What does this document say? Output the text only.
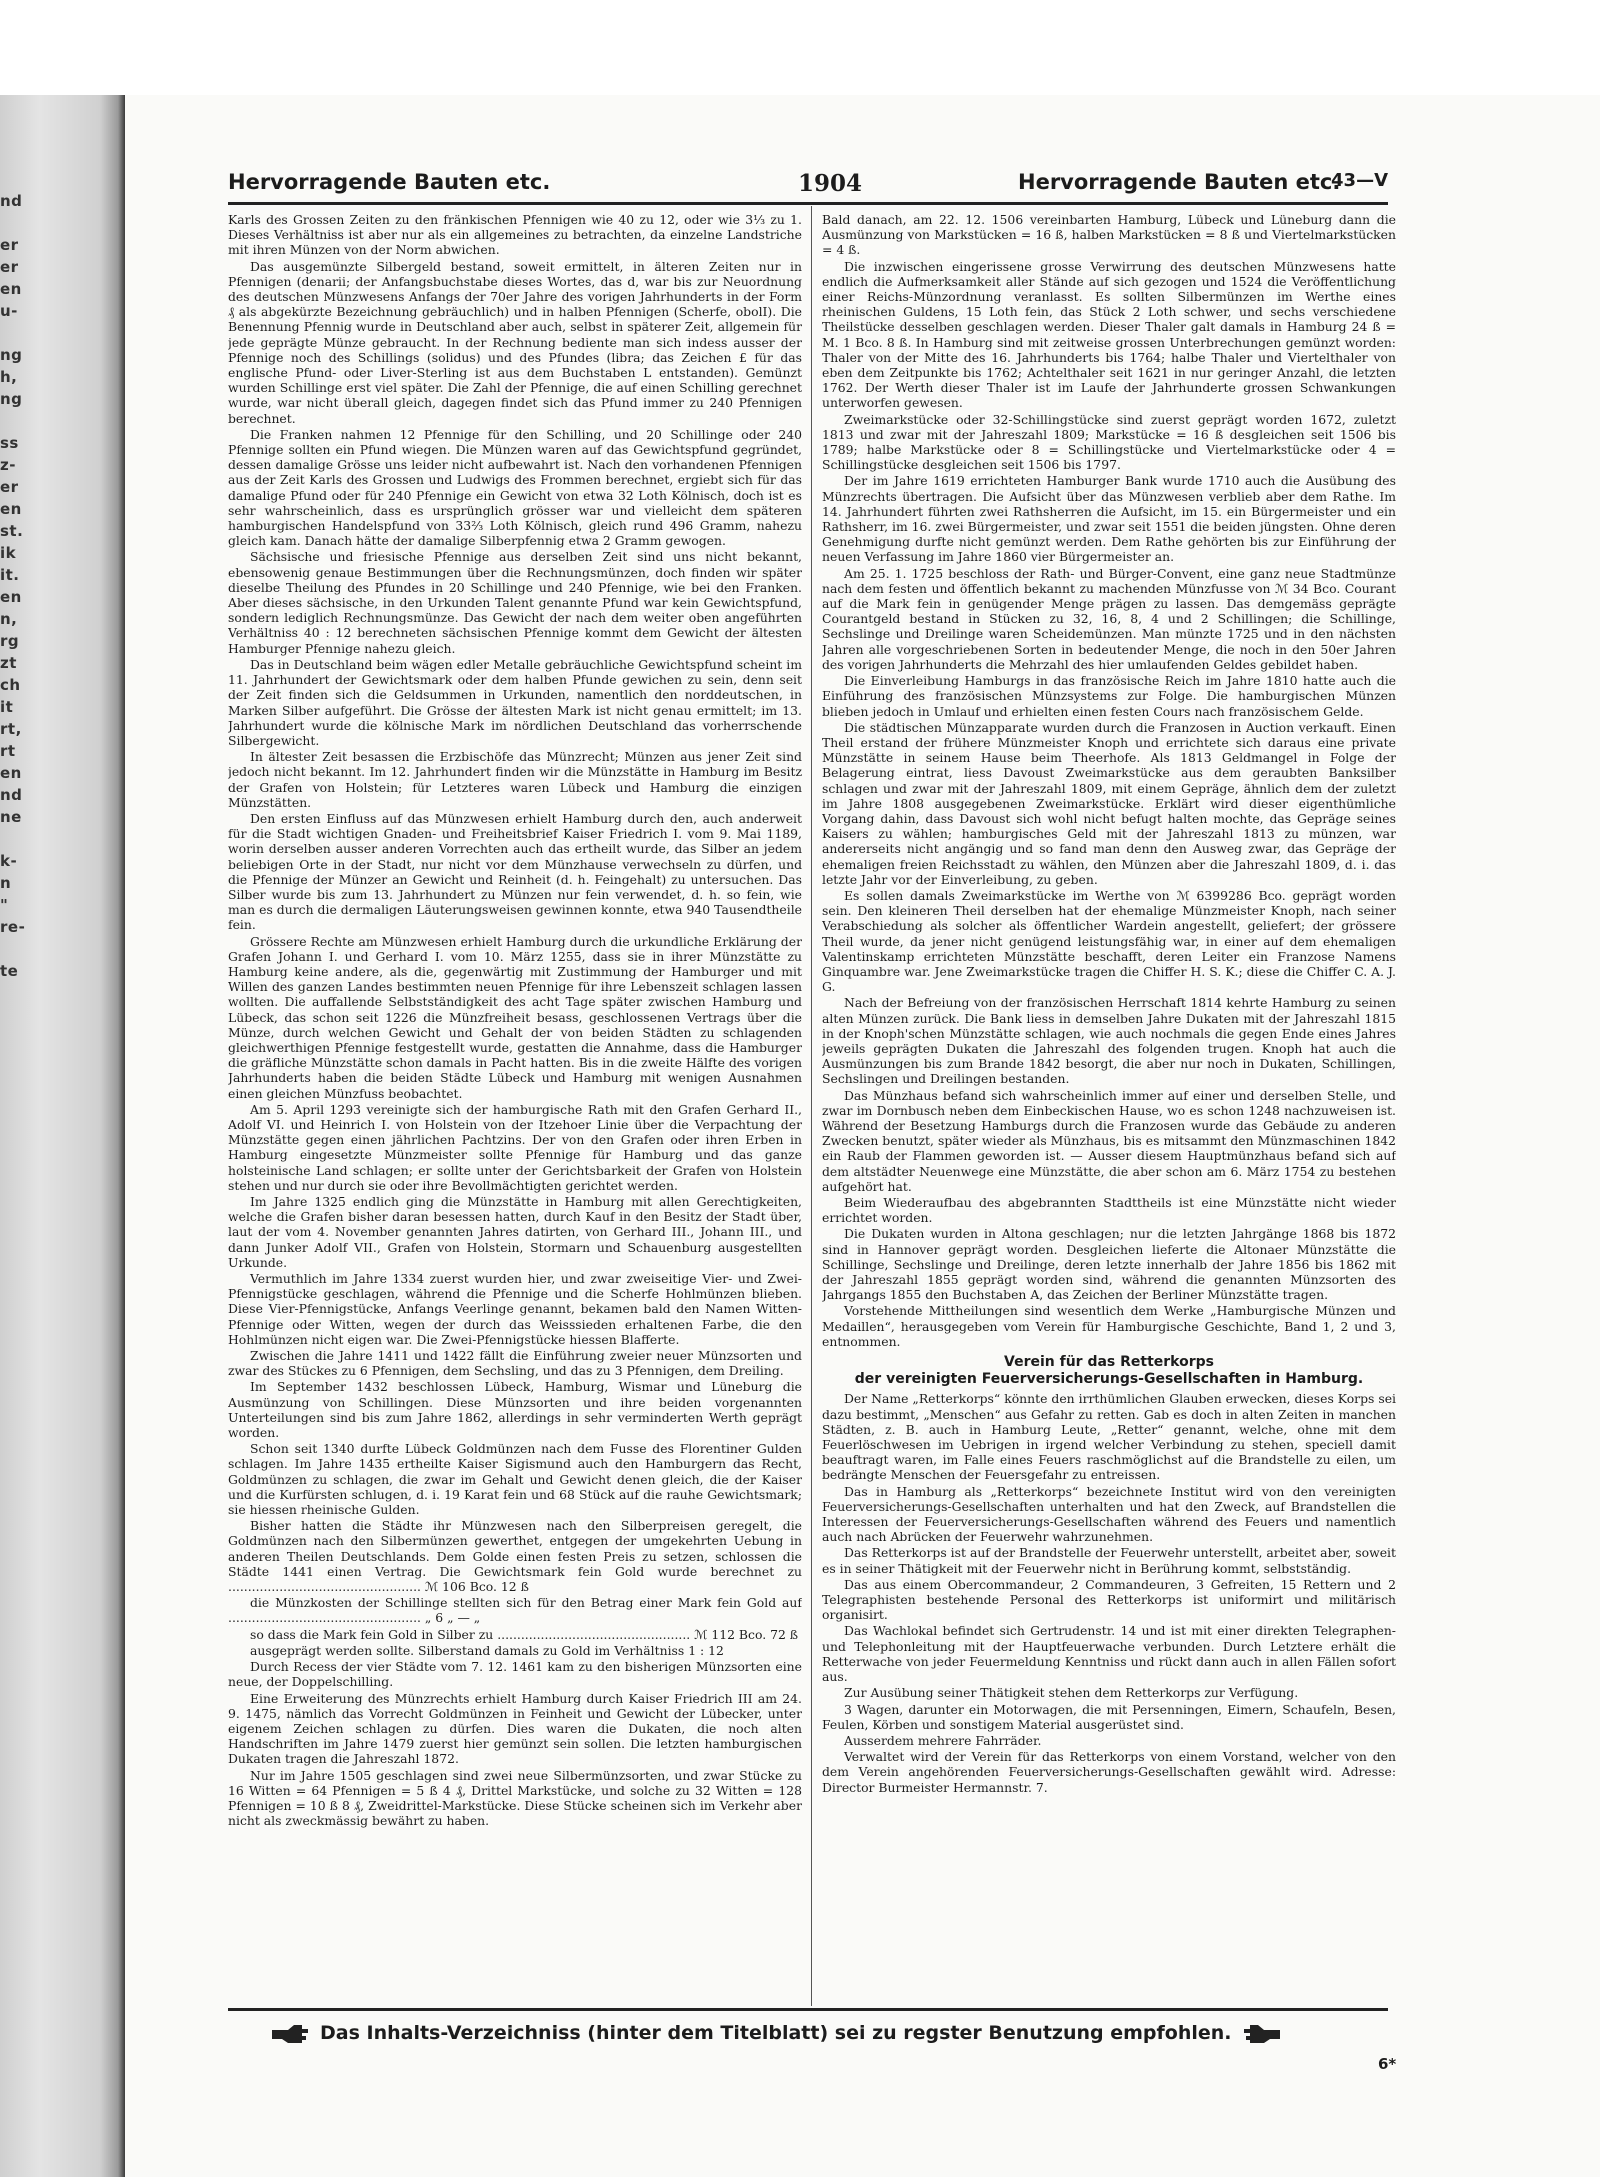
nd

er
er
en
u-

ng
h,
ng

ss
z-
er
en
st.
ik
it.
en
n,
rg
zt
ch
it
rt,
rt
en
nd
ne

k-
n
"
re-

te
Hervorragende Bauten etc.	1904	Hervorragende Bauten etc.
43—V

Karls des Grossen Zeiten zu den fränkischen Pfennigen wie 40 zu 12, oder wie 3⅓ zu 1. Dieses Verhältniss ist aber nur als ein allgemeines zu betrachten, da einzelne Landstriche mit ihren Münzen von der Norm abwichen.

Das ausgemünzte Silbergeld bestand, soweit ermittelt, in älteren Zeiten nur in Pfennigen (denarii; der Anfangsbuchstabe dieses Wortes, das d, war bis zur Neuordnung des deutschen Münzwesens Anfangs der 70er Jahre des vorigen Jahrhunderts in der Form ₰ als abgekürzte Bezeichnung gebräuchlich) und in halben Pfennigen (Scherfe, obolI). Die Benennung Pfennig wurde in Deutschland aber auch, selbst in späterer Zeit, allgemein für jede geprägte Münze gebraucht. In der Rechnung bediente man sich indess ausser der Pfennige noch des Schillings (solidus) und des Pfundes (libra; das Zeichen £ für das englische Pfund- oder Liver-Sterling ist aus dem Buchstaben L entstanden). Gemünzt wurden Schillinge erst viel später. Die Zahl der Pfennige, die auf einen Schilling gerechnet wurde, war nicht überall gleich, dagegen findet sich das Pfund immer zu 240 Pfennigen berechnet.

Die Franken nahmen 12 Pfennige für den Schilling, und 20 Schillinge oder 240 Pfennige sollten ein Pfund wiegen. Die Münzen waren auf das Gewichtspfund gegründet, dessen damalige Grösse uns leider nicht aufbewahrt ist. Nach den vorhandenen Pfennigen aus der Zeit Karls des Grossen und Ludwigs des Frommen berechnet, ergiebt sich für das damalige Pfund oder für 240 Pfennige ein Gewicht von etwa 32 Loth Kölnisch, doch ist es sehr wahrscheinlich, dass es ursprünglich grösser war und vielleicht dem späteren hamburgischen Handelspfund von 33⅔ Loth Kölnisch, gleich rund 496 Gramm, nahezu gleich kam. Danach hätte der damalige Silberpfennig etwa 2 Gramm gewogen.

Sächsische und friesische Pfennige aus derselben Zeit sind uns nicht bekannt, ebensowenig genaue Bestimmungen über die Rechnungsmünzen, doch finden wir später dieselbe Theilung des Pfundes in 20 Schillinge und 240 Pfennige, wie bei den Franken. Aber dieses sächsische, in den Urkunden Talent genannte Pfund war kein Gewichtspfund, sondern lediglich Rechnungsmünze. Das Gewicht der nach dem weiter oben angeführten Verhältniss 40 : 12 berechneten sächsischen Pfennige kommt dem Gewicht der ältesten Hamburger Pfennige nahezu gleich.

Das in Deutschland beim wägen edler Metalle gebräuchliche Gewichtspfund scheint im 11. Jahrhundert der Gewichtsmark oder dem halben Pfunde gewichen zu sein, denn seit der Zeit finden sich die Geldsummen in Urkunden, namentlich den norddeutschen, in Marken Silber aufgeführt. Die Grösse der ältesten Mark ist nicht genau ermittelt; im 13. Jahrhundert wurde die kölnische Mark im nördlichen Deutschland das vorherrschende Silbergewicht.

In ältester Zeit besassen die Erzbischöfe das Münzrecht; Münzen aus jener Zeit sind jedoch nicht bekannt. Im 12. Jahrhundert finden wir die Münzstätte in Hamburg im Besitz der Grafen von Holstein; für Letzteres waren Lübeck und Hamburg die einzigen Münzstätten.

Den ersten Einfluss auf das Münzwesen erhielt Hamburg durch den, auch anderweit für die Stadt wichtigen Gnaden- und Freiheitsbrief Kaiser Friedrich I. vom 9. Mai 1189, worin derselben ausser anderen Vorrechten auch das ertheilt wurde, das Silber an jedem beliebigen Orte in der Stadt, nur nicht vor dem Münzhause verwechseln zu dürfen, und die Pfennige der Münzer an Gewicht und Reinheit (d. h. Feingehalt) zu untersuchen. Das Silber wurde bis zum 13. Jahrhundert zu Münzen nur fein verwendet, d. h. so fein, wie man es durch die dermaligen Läuterungsweisen gewinnen konnte, etwa 940 Tausendtheile fein.

Grössere Rechte am Münzwesen erhielt Hamburg durch die urkundliche Erklärung der Grafen Johann I. und Gerhard I. vom 10. März 1255, dass sie in ihrer Münzstätte zu Hamburg keine andere, als die, gegenwärtig mit Zustimmung der Hamburger und mit Willen des ganzen Landes bestimmten neuen Pfennige für ihre Lebenszeit schlagen lassen wollten. Die auffallende Selbstständigkeit des acht Tage später zwischen Hamburg und Lübeck, das schon seit 1226 die Münzfreiheit besass, geschlossenen Vertrags über die Münze, durch welchen Gewicht und Gehalt der von beiden Städten zu schlagenden gleichwerthigen Pfennige festgestellt wurde, gestatten die Annahme, dass die Hamburger die gräfliche Münzstätte schon damals in Pacht hatten. Bis in die zweite Hälfte des vorigen Jahrhunderts haben die beiden Städte Lübeck und Hamburg mit wenigen Ausnahmen einen gleichen Münzfuss beobachtet.

Am 5. April 1293 vereinigte sich der hamburgische Rath mit den Grafen Gerhard II., Adolf VI. und Heinrich I. von Holstein von der Itzehoer Linie über die Verpachtung der Münzstätte gegen einen jährlichen Pachtzins. Der von den Grafen oder ihren Erben in Hamburg eingesetzte Münzmeister sollte Pfennige für Hamburg und das ganze holsteinische Land schlagen; er sollte unter der Gerichtsbarkeit der Grafen von Holstein stehen und nur durch sie oder ihre Bevollmächtigten gerichtet werden.

Im Jahre 1325 endlich ging die Münzstätte in Hamburg mit allen Gerechtigkeiten, welche die Grafen bisher daran besessen hatten, durch Kauf in den Besitz der Stadt über, laut der vom 4. November genannten Jahres datirten, von Gerhard III., Johann III., und dann Junker Adolf VII., Grafen von Holstein, Stormarn und Schauenburg ausgestellten Urkunde.

Vermuthlich im Jahre 1334 zuerst wurden hier, und zwar zweiseitige Vier- und Zwei-Pfennigstücke geschlagen, während die Pfennige und die Scherfe Hohlmünzen blieben. Diese Vier-Pfennigstücke, Anfangs Veerlinge genannt, bekamen bald den Namen Witten-Pfennige oder Witten, wegen der durch das Weisssieden erhaltenen Farbe, die den Hohlmünzen nicht eigen war. Die Zwei-Pfennigstücke hiessen Blafferte.

Zwischen die Jahre 1411 und 1422 fällt die Einführung zweier neuer Münzsorten und zwar des Stückes zu 6 Pfennigen, dem Sechsling, und das zu 3 Pfennigen, dem Dreiling.

Im September 1432 beschlossen Lübeck, Hamburg, Wismar und Lüneburg die Ausmünzung von Schillingen. Diese Münzsorten und ihre beiden vorgenannten Unterteilungen sind bis zum Jahre 1862, allerdings in sehr verminderten Werth geprägt worden.

Schon seit 1340 durfte Lübeck Goldmünzen nach dem Fusse des Florentiner Gulden schlagen. Im Jahre 1435 ertheilte Kaiser Sigismund auch den Hamburgern das Recht, Goldmünzen zu schlagen, die zwar im Gehalt und Gewicht denen gleich, die der Kaiser und die Kurfürsten schlugen, d. i. 19 Karat fein und 68 Stück auf die rauhe Gewichtsmark; sie hiessen rheinische Gulden.

Bisher hatten die Städte ihr Münzwesen nach den Silberpreisen geregelt, die Goldmünzen nach den Silbermünzen gewerthet, entgegen der umgekehrten Uebung in anderen Theilen Deutschlands. Dem Golde einen festen Preis zu setzen, schlossen die Städte 1441 einen Vertrag. Die Gewichtsmark fein Gold wurde berechnet zu ................................................. ℳ 106 Bco. 12 ß

die Münzkosten der Schillinge stellten sich für den Betrag einer Mark fein Gold auf ................................................. „ 6 „ — „

so dass die Mark fein Gold in Silber zu ................................................. ℳ 112 Bco. 72 ß

ausgeprägt werden sollte. Silberstand damals zu Gold im Verhältniss 1 : 12

Durch Recess der vier Städte vom 7. 12. 1461 kam zu den bisherigen Münzsorten eine neue, der Doppelschilling.

Eine Erweiterung des Münzrechts erhielt Hamburg durch Kaiser Friedrich III am 24. 9. 1475, nämlich das Vorrecht Goldmünzen in Feinheit und Gewicht der Lübecker, unter eigenem Zeichen schlagen zu dürfen. Dies waren die Dukaten, die noch alten Handschriften im Jahre 1479 zuerst hier gemünzt sein sollen. Die letzten hamburgischen Dukaten tragen die Jahreszahl 1872.

Nur im Jahre 1505 geschlagen sind zwei neue Silbermünzsorten, und zwar Stücke zu 16 Witten = 64 Pfennigen = 5 ß 4 ₰, Drittel Markstücke, und solche zu 32 Witten = 128 Pfennigen = 10 ß 8 ₰, Zweidrittel-Markstücke. Diese Stücke scheinen sich im Verkehr aber nicht als zweckmässig bewährt zu haben.

Bald danach, am 22. 12. 1506 vereinbarten Hamburg, Lübeck und Lüneburg dann die Ausmünzung von Markstücken = 16 ß, halben Markstücken = 8 ß und Viertelmarkstücken = 4 ß.

Die inzwischen eingerissene grosse Verwirrung des deutschen Münzwesens hatte endlich die Aufmerksamkeit aller Stände auf sich gezogen und 1524 die Veröffentlichung einer Reichs-Münzordnung veranlasst. Es sollten Silbermünzen im Werthe eines rheinischen Guldens, 15 Loth fein, das Stück 2 Loth schwer, und sechs verschiedene Theilstücke desselben geschlagen werden. Dieser Thaler galt damals in Hamburg 24 ß = M. 1 Bco. 8 ß. In Hamburg sind mit zeitweise grossen Unterbrechungen gemünzt worden: Thaler von der Mitte des 16. Jahrhunderts bis 1764; halbe Thaler und Viertelthaler von eben dem Zeitpunkte bis 1762; Achtelthaler seit 1621 in nur geringer Anzahl, die letzten 1762. Der Werth dieser Thaler ist im Laufe der Jahrhunderte grossen Schwankungen unterworfen gewesen.

Zweimarkstücke oder 32-Schillingstücke sind zuerst geprägt worden 1672, zuletzt 1813 und zwar mit der Jahreszahl 1809; Markstücke = 16 ß desgleichen seit 1506 bis 1789; halbe Markstücke oder 8 = Schillingstücke und Viertelmarkstücke oder 4 = Schillingstücke desgleichen seit 1506 bis 1797.

Der im Jahre 1619 errichteten Hamburger Bank wurde 1710 auch die Ausübung des Münzrechts übertragen. Die Aufsicht über das Münzwesen verblieb aber dem Rathe. Im 14. Jahrhundert führten zwei Rathsherren die Aufsicht, im 15. ein Bürgermeister und ein Rathsherr, im 16. zwei Bürgermeister, und zwar seit 1551 die beiden jüngsten. Ohne deren Genehmigung durfte nicht gemünzt werden. Dem Rathe gehörten bis zur Einführung der neuen Verfassung im Jahre 1860 vier Bürgermeister an.

Am 25. 1. 1725 beschloss der Rath- und Bürger-Convent, eine ganz neue Stadtmünze nach dem festen und öffentlich bekannt zu machenden Münzfusse von ℳ 34 Bco. Courant auf die Mark fein in genügender Menge prägen zu lassen. Das demgemäss geprägte Courantgeld bestand in Stücken zu 32, 16, 8, 4 und 2 Schillingen; die Schillinge, Sechslinge und Dreilinge waren Scheidemünzen. Man münzte 1725 und in den nächsten Jahren alle vorgeschriebenen Sorten in bedeutender Menge, die noch in den 50er Jahren des vorigen Jahrhunderts die Mehrzahl des hier umlaufenden Geldes gebildet haben.

Die Einverleibung Hamburgs in das französische Reich im Jahre 1810 hatte auch die Einführung des französischen Münzsystems zur Folge. Die hamburgischen Münzen blieben jedoch in Umlauf und erhielten einen festen Cours nach französischem Gelde.

Die städtischen Münzapparate wurden durch die Franzosen in Auction verkauft. Einen Theil erstand der frühere Münzmeister Knoph und errichtete sich daraus eine private Münzstätte in seinem Hause beim Theerhofe. Als 1813 Geldmangel in Folge der Belagerung eintrat, liess Davoust Zweimarkstücke aus dem geraubten Banksilber schlagen und zwar mit der Jahreszahl 1809, mit einem Gepräge, ähnlich dem der zuletzt im Jahre 1808 ausgegebenen Zweimarkstücke. Erklärt wird dieser eigenthümliche Vorgang dahin, dass Davoust sich wohl nicht befugt halten mochte, das Gepräge seines Kaisers zu wählen; hamburgisches Geld mit der Jahreszahl 1813 zu münzen, war andererseits nicht angängig und so fand man denn den Ausweg zwar, das Gepräge der ehemaligen freien Reichsstadt zu wählen, den Münzen aber die Jahreszahl 1809, d. i. das letzte Jahr vor der Einverleibung, zu geben.

Es sollen damals Zweimarkstücke im Werthe von ℳ 6399286 Bco. geprägt worden sein. Den kleineren Theil derselben hat der ehemalige Münzmeister Knoph, nach seiner Verabschiedung als solcher als öffentlicher Wardein angestellt, geliefert; der grössere Theil wurde, da jener nicht genügend leistungsfähig war, in einer auf dem ehemaligen Valentinskamp errichteten Münzstätte beschafft, deren Leiter ein Franzose Namens Ginquambre war. Jene Zweimarkstücke tragen die Chiffer H. S. K.; diese die Chiffer C. A. J. G.

Nach der Befreiung von der französischen Herrschaft 1814 kehrte Hamburg zu seinen alten Münzen zurück. Die Bank liess in demselben Jahre Dukaten mit der Jahreszahl 1815 in der Knoph'schen Münzstätte schlagen, wie auch nochmals die gegen Ende eines Jahres jeweils geprägten Dukaten die Jahreszahl des folgenden trugen. Knoph hat auch die Ausmünzungen bis zum Brande 1842 besorgt, die aber nur noch in Dukaten, Schillingen, Sechslingen und Dreilingen bestanden.

Das Münzhaus befand sich wahrscheinlich immer auf einer und derselben Stelle, und zwar im Dornbusch neben dem Einbeckischen Hause, wo es schon 1248 nachzuweisen ist. Während der Besetzung Hamburgs durch die Franzosen wurde das Gebäude zu anderen Zwecken benutzt, später wieder als Münzhaus, bis es mitsammt den Münzmaschinen 1842 ein Raub der Flammen geworden ist. — Ausser diesem Hauptmünzhaus befand sich auf dem altstädter Neuenwege eine Münzstätte, die aber schon am 6. März 1754 zu bestehen aufgehört hat.

Beim Wiederaufbau des abgebrannten Stadttheils ist eine Münzstätte nicht wieder errichtet worden.

Die Dukaten wurden in Altona geschlagen; nur die letzten Jahrgänge 1868 bis 1872 sind in Hannover geprägt worden. Desgleichen lieferte die Altonaer Münzstätte die Schillinge, Sechslinge und Dreilinge, deren letzte innerhalb der Jahre 1856 bis 1862 mit der Jahreszahl 1855 geprägt worden sind, während die genannten Münzsorten des Jahrgangs 1855 den Buchstaben A, das Zeichen der Berliner Münzstätte tragen.

Vorstehende Mittheilungen sind wesentlich dem Werke „Hamburgische Münzen und Medaillen“, herausgegeben vom Verein für Hamburgische Geschichte, Band 1, 2 und 3, entnommen.

Verein für das Retterkorps
der vereinigten Feuerversicherungs-Gesellschaften in Hamburg.

Der Name „Retterkorps“ könnte den irrthümlichen Glauben erwecken, dieses Korps sei dazu bestimmt, „Menschen“ aus Gefahr zu retten. Gab es doch in alten Zeiten in manchen Städten, z. B. auch in Hamburg Leute, „Retter“ genannt, welche, ohne mit dem Feuerlöschwesen im Uebrigen in irgend welcher Verbindung zu stehen, speciell damit beauftragt waren, im Falle eines Feuers raschmöglichst auf die Brandstelle zu eilen, um bedrängte Menschen der Feuersgefahr zu entreissen.

Das in Hamburg als „Retterkorps“ bezeichnete Institut wird von den vereinigten Feuerversicherungs-Gesellschaften unterhalten und hat den Zweck, auf Brandstellen die Interessen der Feuerversicherungs-Gesellschaften während des Feuers und namentlich auch nach Abrücken der Feuerwehr wahrzunehmen.

Das Retterkorps ist auf der Brandstelle der Feuerwehr unterstellt, arbeitet aber, soweit es in seiner Thätigkeit mit der Feuerwehr nicht in Berührung kommt, selbstständig.

Das aus einem Obercommandeur, 2 Commandeuren, 3 Gefreiten, 15 Rettern und 2 Telegraphisten bestehende Personal des Retterkorps ist uniformirt und militärisch organisirt.

Das Wachlokal befindet sich Gertrudenstr. 14 und ist mit einer direkten Telegraphen- und Telephonleitung mit der Hauptfeuerwache verbunden. Durch Letztere erhält die Retterwache von jeder Feuermeldung Kenntniss und rückt dann auch in allen Fällen sofort aus.

Zur Ausübung seiner Thätigkeit stehen dem Retterkorps zur Verfügung.

3 Wagen, darunter ein Motorwagen, die mit Persenningen, Eimern, Schaufeln, Besen, Feulen, Körben und sonstigem Material ausgerüstet sind.

Ausserdem mehrere Fahrräder.

Verwaltet wird der Verein für das Retterkorps von einem Vorstand, welcher von den dem Verein angehörenden Feuerversicherungs-Gesellschaften gewählt wird. Adresse: Director Burmeister Hermannstr. 7.

Das Inhalts-Verzeichniss (hinter dem Titelblatt) sei zu regster Benutzung empfohlen.
6*
